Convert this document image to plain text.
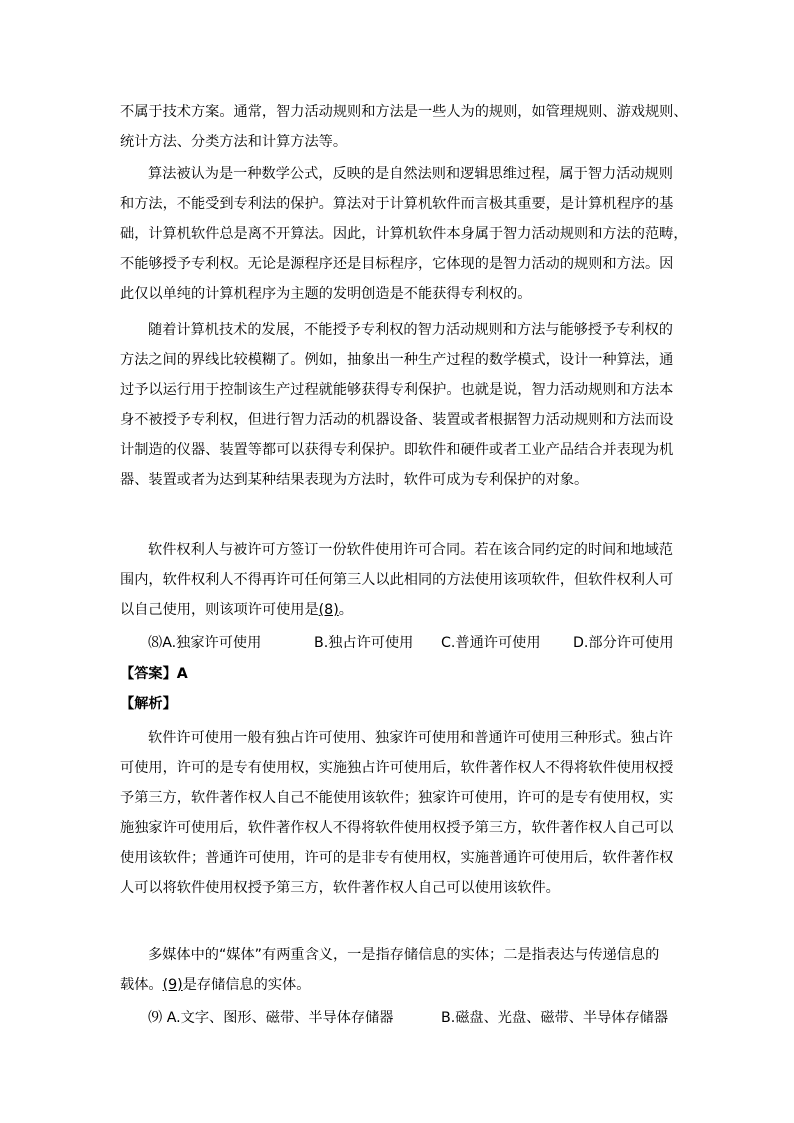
不属于技术方案。通常，智力活动规则和方法是一些人为的规则，如管理规则、游戏规则、

统计方法、分类方法和计算方法等。

算法被认为是一种数学公式，反映的是自然法则和逻辑思维过程，属于智力活动规则

和方法，不能受到专利法的保护。算法对于计算机软件而言极其重要，是计算机程序的基

础，计算机软件总是离不开算法。因此，计算机软件本身属于智力活动规则和方法的范畴，

不能够授予专利权。无论是源程序还是目标程序，它体现的是智力活动的规则和方法。因

此仅以单纯的计算机程序为主题的发明创造是不能获得专利权的。

随着计算机技术的发展，不能授予专利权的智力活动规则和方法与能够授予专利权的

方法之间的界线比较模糊了。例如，抽象出一种生产过程的数学模式，设计一种算法，通

过予以运行用于控制该生产过程就能够获得专利保护。也就是说，智力活动规则和方法本

身不被授予专利权，但进行智力活动的机器设备、装置或者根据智力活动规则和方法而设

计制造的仪器、装置等都可以获得专利保护。即软件和硬件或者工业产品结合并表现为机

器、装置或者为达到某种结果表现为方法时，软件可成为专利保护的对象。

软件权利人与被许可方签订一份软件使用许可合同。若在该合同约定的时间和地域范

围内，软件权利人不得再许可任何第三人以此相同的方法使用该项软件，但软件权利人可

以自己使用，则该项许可使用是(8)。

⑻A.独家许可使用	B.独占许可使用 C.普通许可使用 D.部分许可使用

【答案】A

【解析】

软件许可使用一般有独占许可使用、独家许可使用和普通许可使用三种形式。独占许

可使用，许可的是专有使用权，实施独占许可使用后，软件著作权人不得将软件使用权授

予第三方，软件著作权人自己不能使用该软件；独家许可使用，许可的是专有使用权，实

施独家许可使用后，软件著作权人不得将软件使用权授予第三方，软件著作权人自己可以

使用该软件；普通许可使用，许可的是非专有使用权，实施普通许可使用后，软件著作权

人可以将软件使用权授予第三方，软件著作权人自己可以使用该软件。

多媒体中的“媒体”有两重含义，一是指存储信息的实体；二是指表达与传递信息的

载体。(9)是存储信息的实体。

⑼ A.文字、图形、磁带、半导体存储器	B.磁盘、光盘、磁带、半导体存储器
